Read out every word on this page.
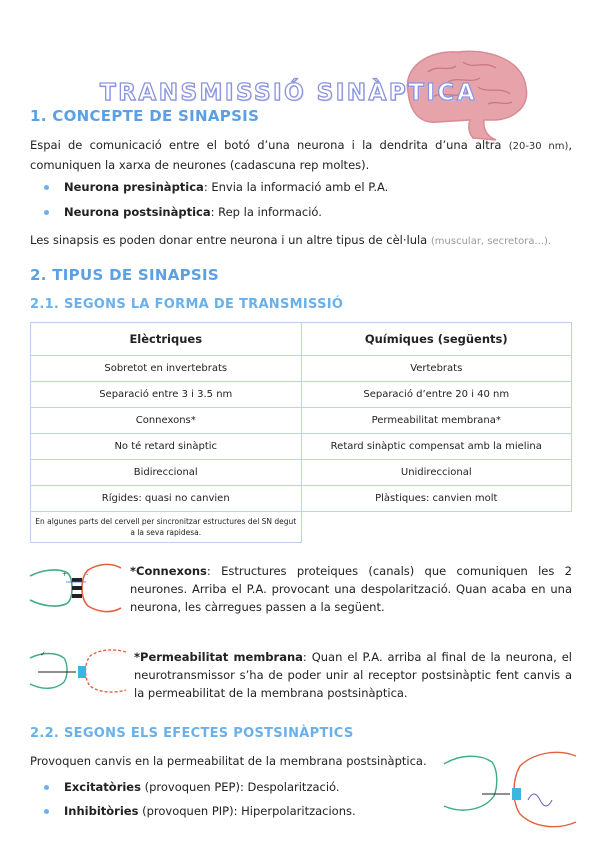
TRANSMISSIÓ SINÀPTICA
1. CONCEPTE DE SINAPSIS
Espai de comunicació entre el botó d’una neurona i la dendrita d’una altra (20-30 nm), comuniquen la xarxa de neurones (cadascuna rep moltes).
Neurona presinàptica: Envia la informació amb el P.A.
Neurona postsinàptica: Rep la informació.
Les sinapsis es poden donar entre neurona i un altre tipus de cèl·lula (muscular, secretora...).
2. TIPUS DE SINAPSIS
2.1. SEGONS LA FORMA DE TRANSMISSIÓ
Elèctriques	Químiques (següents)
Sobretot en invertebrats	Vertebrats
Separació entre 3 i 3.5 nm	Separació d’entre 20 i 40 nm
Connexons*	Permeabilitat membrana*
No té retard sinàptic	Retard sinàptic compensat amb la mielina
Bidireccional	Unidireccional
Rígides: quasi no canvien	Plàstiques: canvien molt
En algunes parts del cervell per sincronitzar estructures del SN degut a la seva rapidesa.	
+	-	*Connexons: Estructures proteiques (canals) que comuniquen les 2 neurones. Arriba el P.A. provocant una despolarització. Quan acaba en una neurona, les càrregues passen a la següent.
✓	*Permeabilitat membrana: Quan el P.A. arriba al final de la neurona, el neurotransmissor s’ha de poder unir al receptor postsinàptic fent canvis a la permeabilitat de la membrana postsinàptica.
2.2. SEGONS ELS EFECTES POSTSINÀPTICS
Provoquen canvis en la permeabilitat de la membrana postsinàptica.
Excitatòries (provoquen PEP): Despolarització.
Inhibitòries (provoquen PIP): Hiperpolaritzacions.
